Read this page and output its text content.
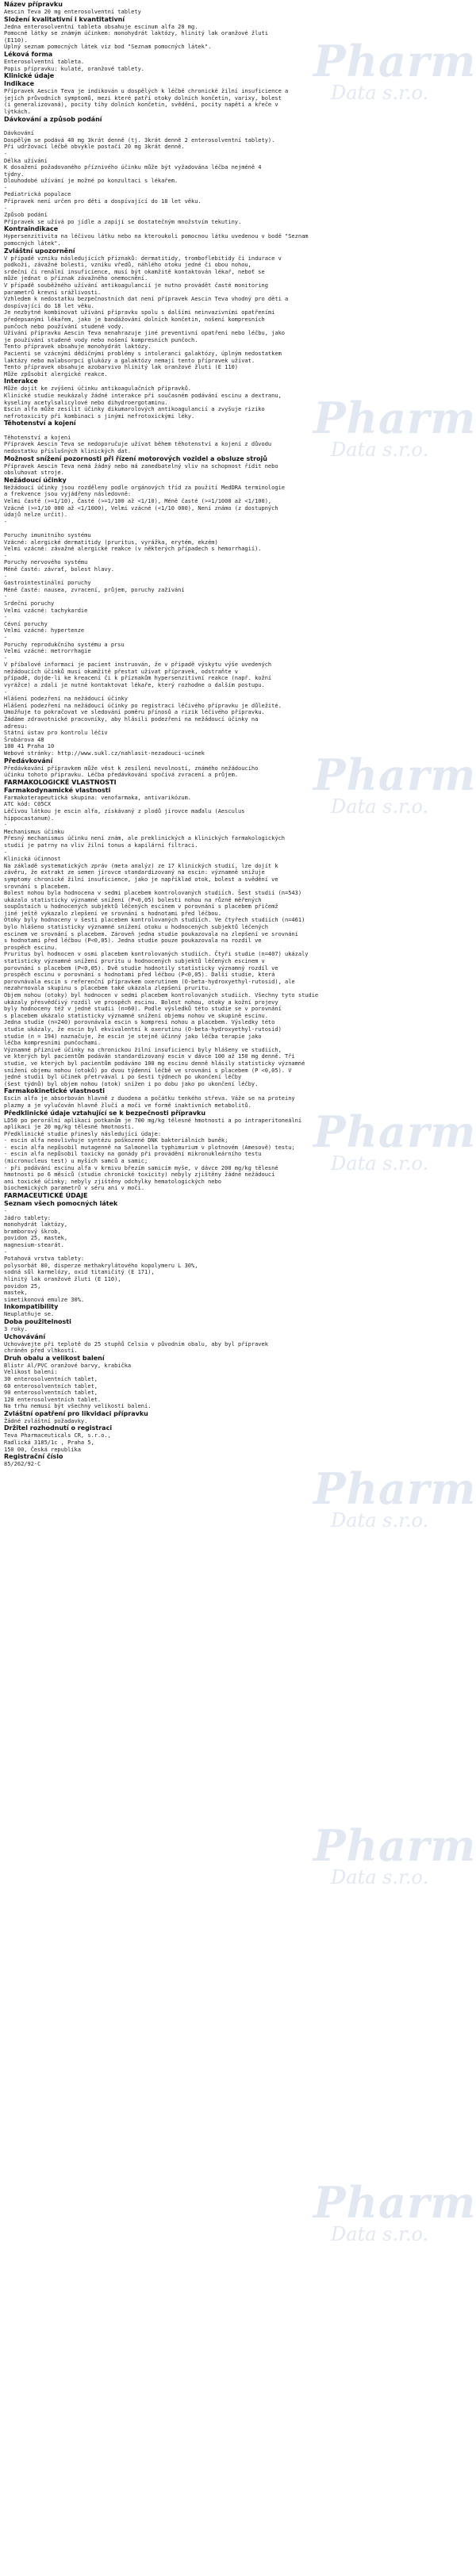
Pharm
Data s.r.o.
Pharm
Data s.r.o.
Pharm
Data s.r.o.
Pharm
Data s.r.o.
Pharm
Data s.r.o.
Pharm
Data s.r.o.
Pharm
Data s.r.o.
Název přípravku
Aescin Teva 20 mg enterosolventní tablety
Složení kvalitativní i kvantitativní
Jedna enterosolventní tableta obsahuje escinum alfa 20 mg.
Pomocné látky se známým účinkem: monohydrát laktózy, hlinitý lak oranžové žluti
(E110).
Úplný seznam pomocných látek viz bod "Seznam pomocných látek".
Léková forma
Enterosolventní tableta.
Popis přípravku: kulaté, oranžové tablety.
Klinické údaje
Indikace
Přípravek Aescin Teva je indikován u dospělých k léčbě chronické žilní insuficience a
jejích průvodních symptomů, mezi které patří otoky dolních končetin, varixy, bolest
(i generalizovaná), pocity tíhy dolních končetin, svědění, pocity napětí a křeče v
lýtkách.
Dávkování a způsob podání

Dávkování
Dospělým se podává 40 mg 3krát denně (tj. 3krát denně 2 enterosolventní tablety).
Při udržovací léčbě obvykle postačí 20 mg 3krát denně.
-
Délka užívání
K dosažení požadovaného příznivého účinku může být vyžadována léčba nejméně 4
týdny.
Dlouhodobé užívání je možné po konzultaci s lékařem.
-
Pediatrická populace
Přípravek není určen pro děti a dospívající do 18 let věku.
-
Způsob podání
Přípravek se užívá po jídle a zapíjí se dostatečným množstvím tekutiny.
Kontraindikace
Hypersenzitivita na léčivou látku nebo na kteroukoli pomocnou látku uvedenou v bodě "Seznam
pomocných látek".
Zvláštní upozornění
V případě vzniku následujících příznaků: dermatitidy, tromboflebitidy či indurace v
podkoží, závažné bolesti, vzniku vředů, náhlého otoku jedné či obou nohou,
srdeční či renální insuficience, musí být okamžitě kontaktován lékař, neboť se
může jednat o příznak závažného onemocnění.
V případě souběžného užívání antikoagulancií je nutno provádět časté monitoring
parametrů krevní srážlivosti.
Vzhledem k nedostatku bezpečnostních dat není přípravek Aescin Teva vhodný pro děti a
dospívající do 18 let věku.
Je nezbytné kombinovat užívání přípravku spolu s dalšími neinvazivními opatřeními
předepsanými lékařem, jako je bandážování dolních končetin, nošení kompresních
punčoch nebo používání studené vody.
Užívání přípravku Aescin Teva nenahrazuje jiné preventivní opatření nebo léčbu, jako
je používání studené vody nebo nošení kompresních punčoch.
Tento přípravek obsahuje monohydrát laktózy.
Pacienti se vzácnými dědičnými problémy s intolerancí galaktózy, úplným nedostatkem
laktázy nebo malabsorpcí glukózy a galaktózy nemají tento přípravek užívat.
Tento přípravek obsahuje azobarvivo hlinitý lak oranžové žluti (E 110)
Může způsobit alergické reakce.
Interakce
Může dojít ke zvýšení účinku antikoagulačních přípravků.
Klinické studie neukázaly žádné interakce při současném podávání escinu a dextranu,
kyseliny acetylsalicylové nebo dihydroergotaminu.
Escin alfa může zesílit účinky dikumarolových antikoagulancií a zvyšuje riziko
nefrotoxicity při kombinaci s jinými nefrotoxickými léky.
Těhotenství a kojení

Těhotenství a kojení
Přípravek Aescin Teva se nedoporučuje užívat během těhotenství a kojení z důvodu
nedostatku příslušných klinických dat.
Možnost snížení pozornosti při řízení motorových vozidel a obsluze strojů
Přípravek Aescin Teva nemá žádný nebo má zanedbatelný vliv na schopnost řídit nebo
obsluhovat stroje.
Nežádoucí účinky
Nežádoucí účinky jsou rozděleny podle orgánových tříd za použití MedDRA terminologie
a frekvence jsou vyjádřeny následovně:
Velmi časté (>=1/10), Časté (>=1/100 až <1/10), Méně časté (>=1/1000 až <1/100),
Vzácné (>=1/10 000 až <1/1000), Velmi vzácné (<1/10 000), Není známo (z dostupných
údajů nelze určit).
-

Poruchy imunitního systému
Vzácné: alergické dermatitidy (pruritus, vyrážka, erytém, ekzém)
Velmi vzácné: závažné alergické reakce (v některých případech s hemorrhagií).
-
Poruchy nervového systému
Méně časté: závrať, bolest hlavy.
-
Gastrointestinální poruchy
Méně časté: nausea, zvracení, průjem, poruchy zažívání
-
Srdeční poruchy
Velmi vzácné: tachykardie
-
Cévní poruchy
Velmi vzácné: hypertenze
-
Poruchy reprodukčního systému a prsu
Velmi vzácné: metrorrhagie
-
V příbalové informaci je pacient instruován, že v případě výskytu výše uvedených
nežádoucích účinků musí okamžitě přestat užívat přípravek, odstraňte v
případě, dojde-li ke kreacení či k příznakům hypersenzitivní reakce (např. kožní
vyrážce) a zdali je nutné kontaktovat lékaře, který rozhodne o dalším postupu.
-
Hlášení podezření na nežádoucí účinky
Hlášení podezření na nežádoucí účinky po registraci léčivého přípravku je důležité.
Umožňuje to pokračovat ve sledování poměru přínosů a rizik léčivého přípravku.
Žádáme zdravotnické pracovníky, aby hlásili podezření na nežádoucí účinky na
adresu:
Státní ústav pro kontrolu léčiv
Šrobárova 48
100 41 Praha 10
Webové stránky: http://www.sukl.cz/nahlasit-nezadouci-ucinek
Předávkování
Předávkování přípravkem může vést k zesílení nevolností, známého nežádoucího
účinku tohoto přípravku. Léčba předávkování spočívá zvracení a průjem.
FARMAKOLOGICKÉ VLASTNOSTI
Farmakodynamické vlastnosti
Farmakoterapeutická skupina: venofarmaka, antivarikózum.
ATC kód: C05CX
Léčivou látkou je escin alfa, získávaný z plodů jírovce maďalu (Aesculus
hippocastanum).
-
Mechanismus účinku
Přesný mechanismus účinku není znám, ale preklinických a klinických farmakologických
studií je patrny na vliv žilní tonus a kapilární filtraci.
-
Klinická účinnost
Na základě systematických zpráv (meta analýz) ze 17 klinických studií, lze dojít k
závěru, že extrakt ze semen jírovce standardizovaný na escin: významně snižuje
symptomy chronické žilní insuficience, jako je například otok, bolest a svědění ve
srovnání s placebem.
Bolest nohou byla hodnocena v sedmi placebem kontrolovaných studiích. Šest studií (n=543)
ukázalo statisticky významné snížení (P<0,05) bolesti nohou na různé měřených
soupůstaích u hodnocených subjektů léčených escinem v porovnání s placebem přičemž
jiné ještě vykazalo zlepšení ve srovnání s hodnotami před léčbou.
Otoky byly hodnoceny v šesti placebem kontrolovaných studiích. Ve čtyřech studiích (n=461)
bylo hlášeno statisticky významné snížení otoku u hodnocených subjektů léčených
escinem ve srovnání s placebem. Zároveň jedna studie poukazovala na zlepšení ve srovnání
s hodnotami před léčbou (P<0,05). Jedna studie pouze poukazovala na rozdíl ve
prospěch escinu.
Pruritus byl hodnocen v osmi placebem kontrolovaných studiích. Čtyři studie (n=407) ukázaly
statisticky významné snížení pruritu u hodnocených subjektů léčených escinem v
porovnání s placebem (P<0,05). Dvě studie hodnotily statisticky významný rozdíl ve
prospěch escinu v porovnání s hodnotami před léčbou (P<0,05). Další studie, která
porovnávala escin s referenční přípravkem oxerutinem (O-beta-hydroxyethyl-rutosid), ale
nezahrnovala skupinu s placebem také ukázala zlepšení pruritu.
Objem nohou (otoky) byl hodnocen v sedmi placebem kontrolovaných studiích. Všechny tyto studie
ukázaly přesvědčivý rozdíl ve prospěch escinu. Bolest nohou, otoky a kožní projevy
byly hodnoceny též v jedné studii (n=60). Podle výsledků této studie se v porovnání
s placebem ukázalo statisticky významné snížení objemu nohou ve skupině escinu.
Jedna studie (n=240) porovnávala escin s kompresí nohou a placebem. Výsledky této
studie ukázaly, že escin byl ekvivalentní k oxerutinu (O-beta-hydroxyethyl-rutosid)
studie (n = 194) naznačuje, že escin je stejně účinný jako léčba terapie jako
léčba kompresními punčochami.
Významné příznivé účinky na chronickou žilní insuficienci byly hlášeny ve studiích,
ve kterých byl pacientům podáván standardizovaný escin v dávce 100 až 150 mg denně. Tři
studie, ve kterých byl pacientům podáváno 100 mg escinu denně hlásily statisticky významné
snížení objemu nohou (otoků) po dvou týdenní léčbě ve srovnání s placebem (P <0,05). V
jedné studii byl účinek přetrvával i po šesti týdnech po ukončení léčby
(šest týdnů) byl objem nohou (otok) snížen i po dobu jako po ukončení léčby.
Farmakokinetické vlastnosti
Escin alfa je absorbován hlavně z duodena a počátku tenkého střeva. Váže se na proteiny
plazmy a je vylučován hlavně žlučí a moči ve formě inaktivních metabolitů.
Předklinické údaje vztahující se k bezpečnosti přípravku
LD50 po perorální aplikaci potkanům je 700 mg/kg tělesné hmotnosti a po intraperitoneální
aplikaci je 20 mg/kg tělesné hmotnosti.
Předklinické studie přinesly následující údaje:
- escin alfa neovlivňuje syntézu poškozené DNK bakteriálních buněk;
- escin alfa nepůsobil mutagenně na Salmonella typhimurium v plotnovém (Amesově) testu;
- escin alfa nepůsobil toxicky na gonády při provádění mikronukleárního testu
(micronucleus test) u myších samců a samic;
- při podávání escinu alfa v krmivu březím samicím myše, v dávce 200 mg/kg tělesné
hmotnosti po 6 měsíců (studie chronické toxicity) nebyly zjištěny žádné nežádoucí
ani toxické účinky; nebyly zjištěny odchylky hematologických nebo
biochemických parametrů v séru ani v moči.
FARMACEUTICKÉ ÚDAJE
Seznam všech pomocných látek
-
Jádro tablety:
monohydrát laktózy,
bramborový škrob,
povidon 25, mastek,
magnesium-stearát.
-
Potahová vrstva tablety:
polysorbát 80, disperze methakrylátového kopolymeru L 30%,
sodná sůl karmelózy, oxid titaničitý (E 171),
hlinitý lak oranžové žluti (E 110),
povidon 25,
mastek,
simetikonová emulze 30%.
Inkompatibility
Neuplatňuje se.
Doba použitelnosti
3 roky.
Uchovávání
Uchovávejte při teplotě do 25 stupňů Celsia v původním obalu, aby byl přípravek
chráněn před vlhkostí.
Druh obalu a velikost balení
Blistr Al/PVC oranžové barvy, krabička
Velikost balení:
30 enterosolventních tablet,
60 enterosolventních tablet,
90 enterosolventních tablet,
120 enterosolventních tablet.
Na trhu nemusí být všechny velikosti balení.
Zvláštní opatření pro likvidaci přípravku
Žádné zvláštní požadavky.
Držitel rozhodnutí o registraci
Teva Pharmaceuticals CR, s.r.o.,
Radlická 3185/1c , Praha 5,
150 00, Česká republika
Registrační číslo
85/262/92-C
